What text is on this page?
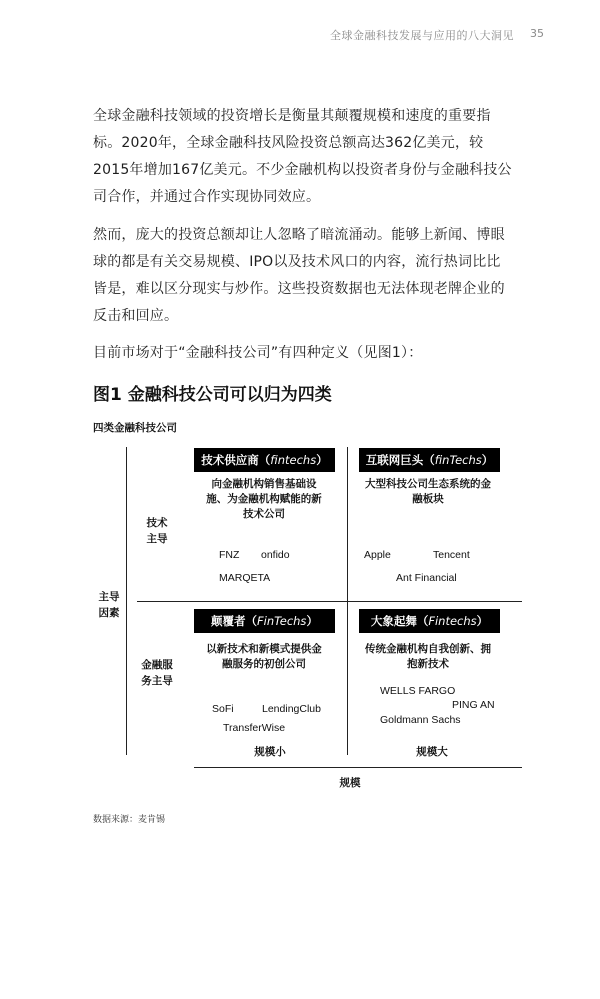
全球金融科技发展与应用的八大洞见 35

全球金融科技领域的投资增长是衡量其颠覆规模和速度的重要指标。2020年，全球金融科技风险投资总额高达362亿美元，较2015年增加167亿美元。不少金融机构以投资者身份与金融科技公司合作，并通过合作实现协同效应。

然而，庞大的投资总额却让人忽略了暗流涌动。能够上新闻、博眼球的都是有关交易规模、IPO以及技术风口的内容，流行热词比比皆是，难以区分现实与炒作。这些投资数据也无法体现老牌企业的反击和回应。

目前市场对于“金融科技公司”有四种定义（见图1）：

图1 金融科技公司可以归为四类
四类金融科技公司
主导因素
技术主导
金融服务主导
规模小	规模大
规模
技术供应商（fintechs）
向金融机构销售基础设施、为金融机构赋能的新技术公司
FNZ onfido
MARQETA
互联网巨头（finTechs）
大型科技公司生态系统的金融板块
Apple	Tencent
Ant Financial
颠覆者（FinTechs）
以新技术和新模式提供金融服务的初创公司
SoFi	LendingClub
TransferWise
大象起舞（Fintechs）
传统金融机构自我创新、拥抱新技术
WELLS FARGO
PING AN
Goldmann Sachs
数据来源：麦肯锡
